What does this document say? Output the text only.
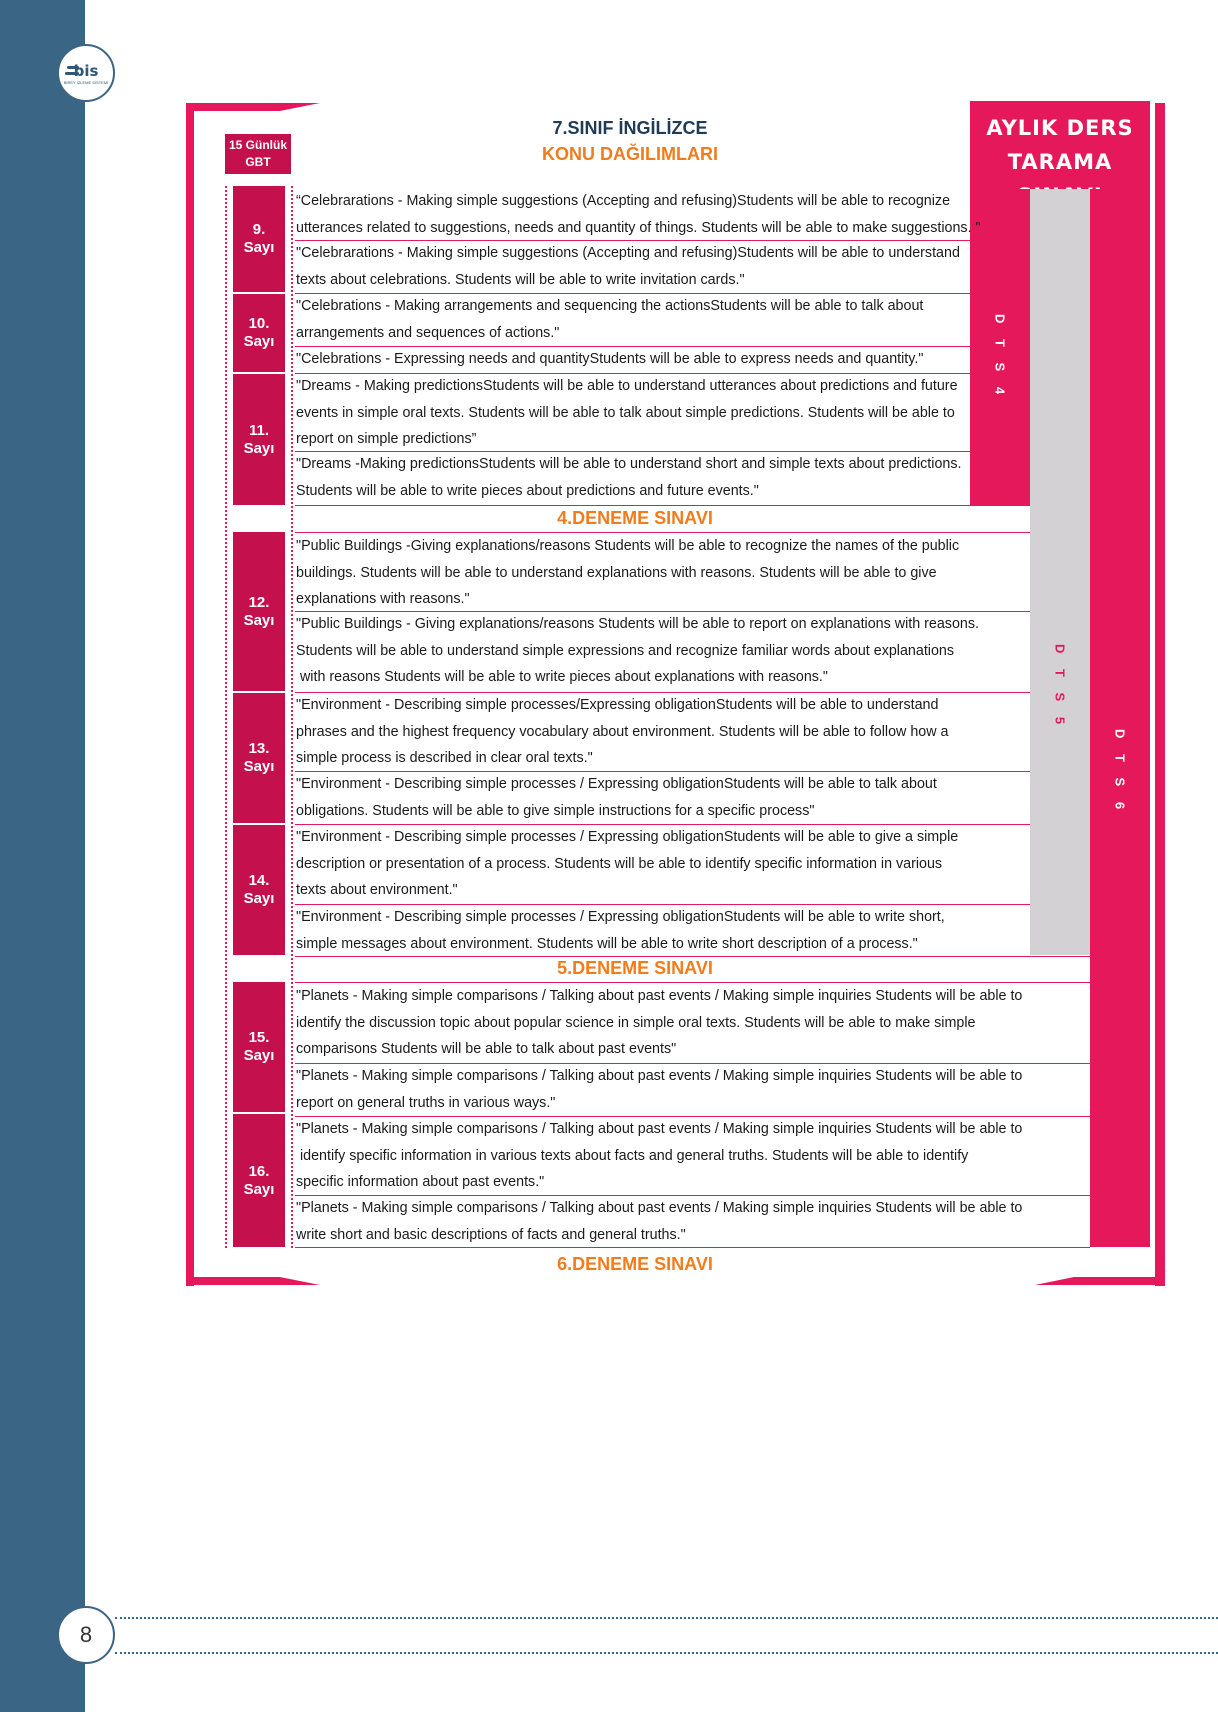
bis
BİREY İZLEME SİSTEMİ
8
7.SINIF İNGİLİZCE
KONU DAĞILIMLARI
15 Günlük
GBT
AYLIK DERS
TARAMA
D T S 6
D T S 5
D T S 4
9.
Sayı
10.
Sayı
11.
Sayı
12.
Sayı
13.
Sayı
14.
Sayı
15.
Sayı
16.
Sayı
“Celebrarations - Making simple suggestions (Accepting and refusing)Students will be able to recognize
utterances related to suggestions, needs and quantity of things. Students will be able to make suggestions. "
"Celebrarations - Making simple suggestions (Accepting and refusing)Students will be able to understand
texts about celebrations. Students will be able to write invitation cards."
"Celebrations - Making arrangements and sequencing the actionsStudents will be able to talk about
arrangements and sequences of actions."
"Celebrations - Expressing needs and quantityStudents will be able to express needs and quantity."
"Dreams - Making predictionsStudents will be able to understand utterances about predictions and future
events in simple oral texts. Students will be able to talk about simple predictions. Students will be able to
report on simple predictions”
"Dreams -Making predictionsStudents will be able to understand short and simple texts about predictions.
Students will be able to write pieces about predictions and future events."
4.DENEME SINAVI
"Public Buildings -Giving explanations/reasons Students will be able to recognize the names of the public
buildings. Students will be able to understand explanations with reasons. Students will be able to give
explanations with reasons."
"Public Buildings - Giving explanations/reasons Students will be able to report on explanations with reasons.
Students will be able to understand simple expressions and recognize familiar words about explanations
with reasons Students will be able to write pieces about explanations with reasons."
"Environment - Describing simple processes/Expressing obligationStudents will be able to understand
phrases and the highest frequency vocabulary about environment. Students will be able to follow how a
simple process is described in clear oral texts."
"Environment - Describing simple processes / Expressing obligationStudents will be able to talk about
obligations. Students will be able to give simple instructions for a specific process"
"Environment - Describing simple processes / Expressing obligationStudents will be able to give a simple
description or presentation of a process. Students will be able to identify specific information in various
texts about environment."
"Environment - Describing simple processes / Expressing obligationStudents will be able to write short,
simple messages about environment. Students will be able to write short description of a process."
5.DENEME SINAVI
"Planets - Making simple comparisons / Talking about past events / Making simple inquiries Students will be able to
identify the discussion topic about popular science in simple oral texts. Students will be able to make simple
comparisons Students will be able to talk about past events"
"Planets - Making simple comparisons / Talking about past events / Making simple inquiries Students will be able to
report on general truths in various ways."
"Planets - Making simple comparisons / Talking about past events / Making simple inquiries Students will be able to
identify specific information in various texts about facts and general truths. Students will be able to identify
specific information about past events."
"Planets - Making simple comparisons / Talking about past events / Making simple inquiries Students will be able to
write short and basic descriptions of facts and general truths."
6.DENEME SINAVI
